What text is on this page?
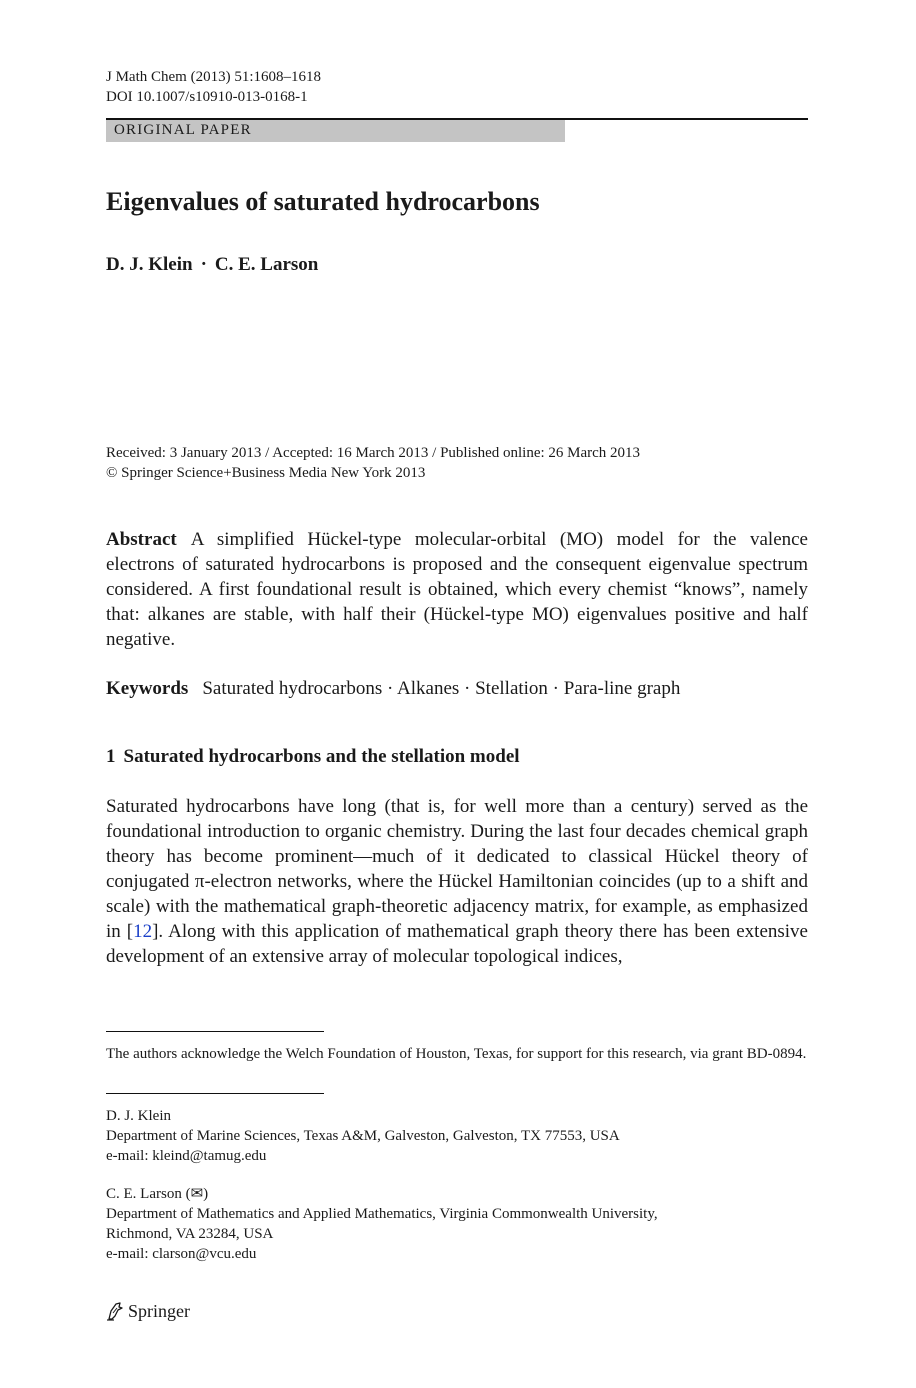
J Math Chem (2013) 51:1608–1618
DOI 10.1007/s10910-013-0168-1
ORIGINAL PAPER
Eigenvalues of saturated hydrocarbons
D. J. Klein · C. E. Larson
Received: 3 January 2013 / Accepted: 16 March 2013 / Published online: 26 March 2013
© Springer Science+Business Media New York 2013

Abstract A simplified Hückel-type molecular-orbital (MO) model for the valence electrons of saturated hydrocarbons is proposed and the consequent eigenvalue spectrum considered. A first foundational result is obtained, which every chemist “knows”, namely that: alkanes are stable, with half their (Hückel-type MO) eigenvalues positive and half negative.

Keywords Saturated hydrocarbons · Alkanes · Stellation · Para-line graph
1 Saturated hydrocarbons and the stellation model

Saturated hydrocarbons have long (that is, for well more than a century) served as the foundational introduction to organic chemistry. During the last four decades chemical graph theory has become prominent—much of it dedicated to classical Hückel theory of conjugated π-electron networks, where the Hückel Hamiltonian coincides (up to a shift and scale) with the mathematical graph-theoretic adjacency matrix, for example, as emphasized in [12]. Along with this application of mathematical graph theory there has been extensive development of an extensive array of molecular topological indices,

The authors acknowledge the Welch Foundation of Houston, Texas, for support for this research, via grant BD-0894.

D. J. Klein
Department of Marine Sciences, Texas A&M, Galveston, Galveston, TX 77553, USA
e-mail: kleind@tamug.edu
C. E. Larson (✉)
Department of Mathematics and Applied Mathematics, Virginia Commonwealth University,
Richmond, VA 23284, USA
e-mail: clarson@vcu.edu
Springer
